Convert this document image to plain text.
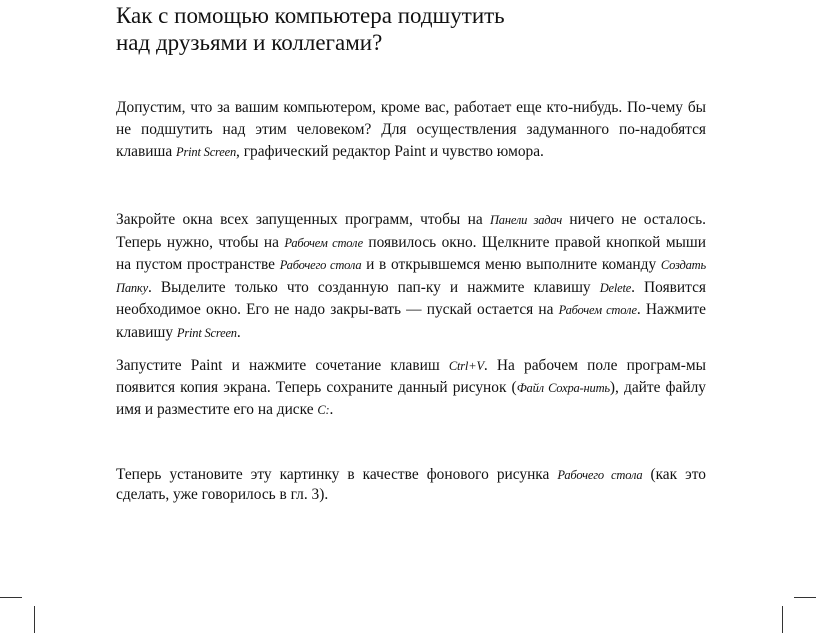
Как с помощью компьютера подшутить
над друзьями и коллегами?

Допустим, что за вашим компьютером, кроме вас, работает еще кто-нибудь. По-чему бы не подшутить над этим человеком? Для осуществления задуманного по-надобятся клавиша Print Screen, графический редактор Paint и чувство юмора.

Закройте окна всех запущенных программ, чтобы на Панели задач ничего не осталось. Теперь нужно, чтобы на Рабочем столе появилось окно. Щелкните правой кнопкой мыши на пустом пространстве Рабочего стола и в открывшемся меню выполните команду Создать Папку. Выделите только что созданную пап-ку и нажмите клавишу Delete. Появится необходимое окно. Его не надо закры-вать — пускай остается на Рабочем столе. Нажмите клавишу Print Screen.

Запустите Paint и нажмите сочетание клавиш Ctrl+V. На рабочем поле програм-мы появится копия экрана. Теперь сохраните данный рисунок (Файл Сохра-нить), дайте файлу имя и разместите его на диске C:.

Теперь установите эту картинку в качестве фонового рисунка Рабочего стола (как это сделать, уже говорилось в гл. 3).
